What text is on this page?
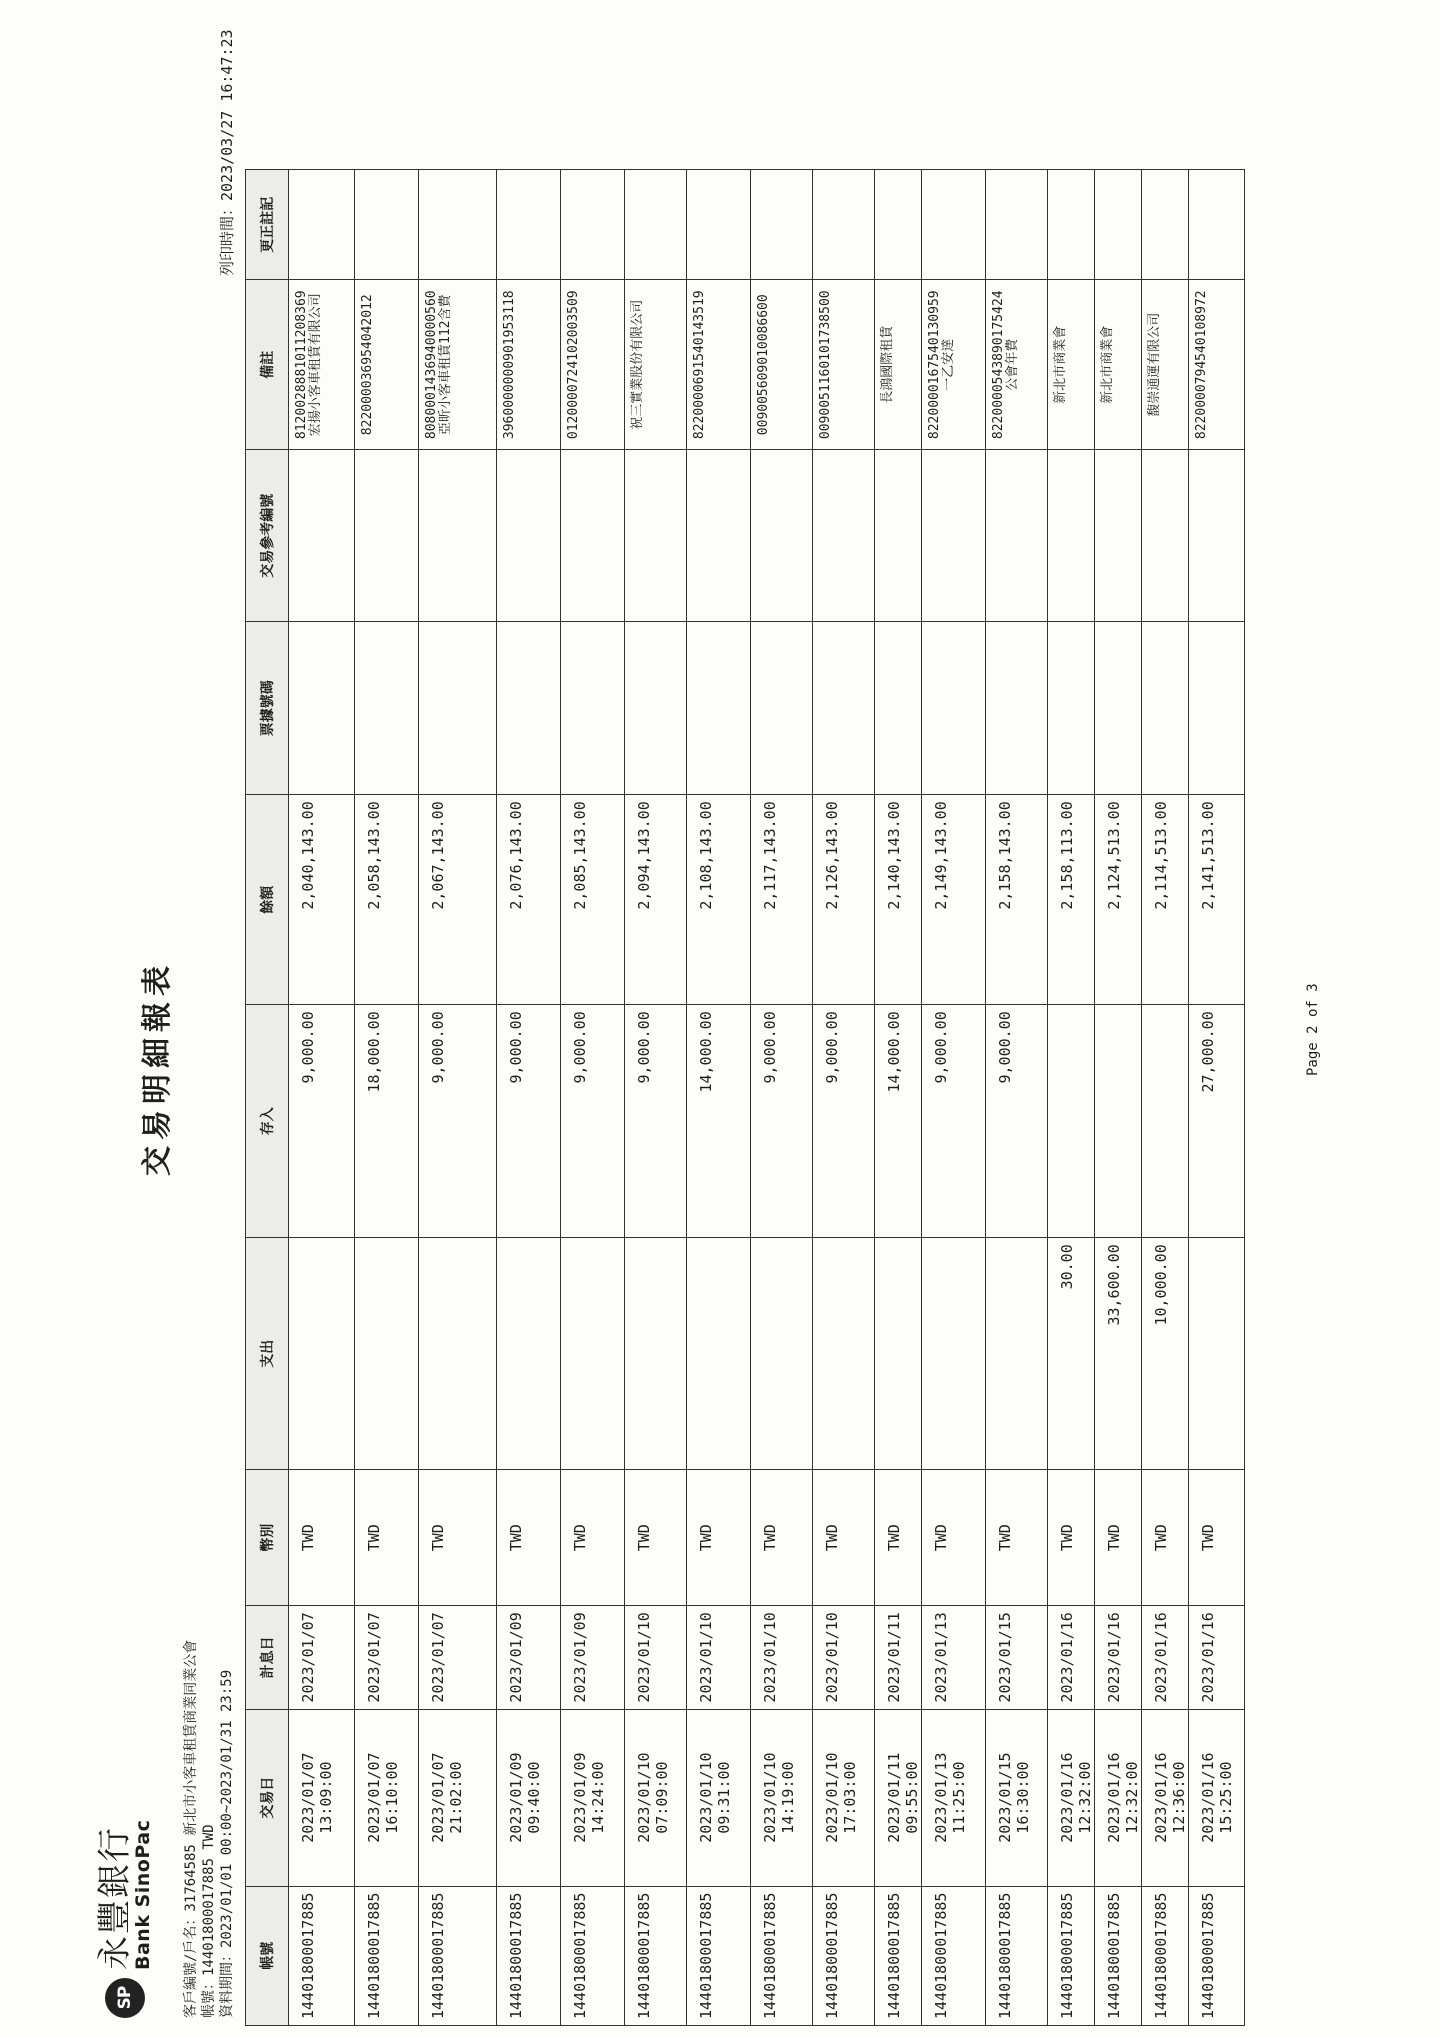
SP
永豐銀行
Bank SinoPac
交易明細報表
列印時間：2023/03/27 16:47:23
客戶編號/戶名：31764585 新北市小客車租賃商業同業公會 帳號：14401800017885 TWD 資料期間：2023/01/01 00:00~2023/01/31 23:59 帳號	交易日	計息日	幣別	支出	存入	餘額	票據號碼	交易參考編號	備註	更正註記
14401800017885	2023/01/07 13:09:00	2023/01/07	TWD		9,000.00	2,040,143.00			81200288810112083​69宏揚小客車租賃有限公司	
14401800017885	2023/01/07 16:10:00	2023/01/07	TWD		18,000.00	2,058,143.00			822000036954042012	
14401800017885	2023/01/07 21:02:00	2023/01/07	TWD		9,000.00	2,067,143.00			80800014369400005​60亞昕小客車租賃112含費	
14401800017885	2023/01/09 09:40:00	2023/01/09	TWD		9,000.00	2,076,143.00			396000000090195311​8	
14401800017885	2023/01/09 14:24:00	2023/01/09	TWD		9,000.00	2,085,143.00			012000072410200350​9	
14401800017885	2023/01/10 07:09:00	2023/01/10	TWD		9,000.00	2,094,143.00			祝三實業股份有限公司	
14401800017885	2023/01/10 09:31:00	2023/01/10	TWD		14,000.00	2,108,143.00			822000069154014351​9	
14401800017885	2023/01/10 14:19:00	2023/01/10	TWD		9,000.00	2,117,143.00			009005609010086600	
14401800017885	2023/01/10 17:03:00	2023/01/10	TWD		9,000.00	2,126,143.00			009005116010173850​0	
14401800017885	2023/01/11 09:55:00	2023/01/11	TWD		14,000.00	2,140,143.00			長鴻國際租賃	
14401800017885	2023/01/13 11:25:00	2023/01/13	TWD		9,000.00	2,149,143.00			822000016754013095​9一乙安達	
14401800017885	2023/01/15 16:30:00	2023/01/15	TWD		9,000.00	2,158,143.00			822000054389017542​4公會年費	
14401800017885	2023/01/16 12:32:00	2023/01/16	TWD	30.00		2,158,113.00			新北市商業會	
14401800017885	2023/01/16 12:32:00	2023/01/16	TWD	33,600.00		2,124,513.00			新北市商業會	
14401800017885	2023/01/16 12:36:00	2023/01/16	TWD	10,000.00		2,114,513.00			馥崇通運有限公司	
14401800017885	2023/01/16 15:25:00	2023/01/16	TWD		27,000.00	2,141,513.00			822000079454010897​2	
Page 2 of 3
